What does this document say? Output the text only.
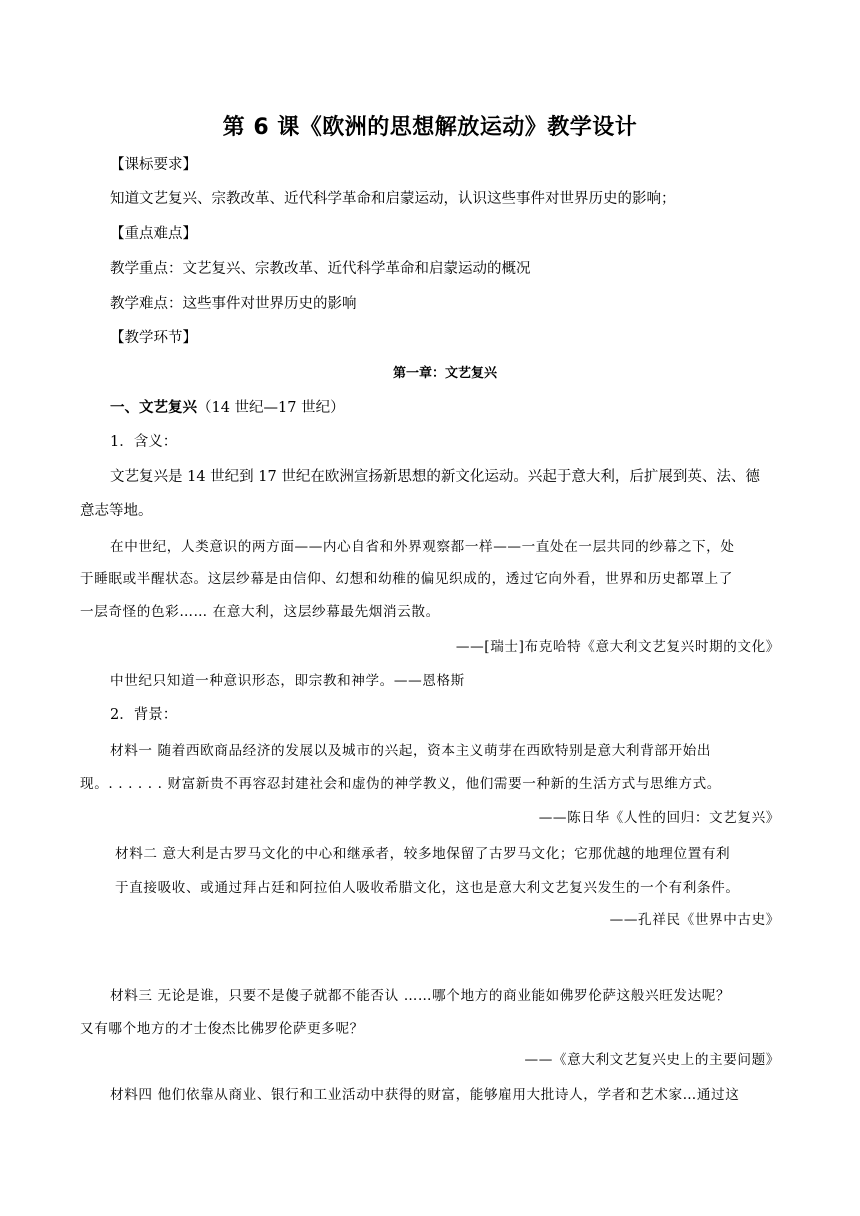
第 6 课《欧洲的思想解放运动》教学设计
【课标要求】
知道文艺复兴、宗教改革、近代科学革命和启蒙运动，认识这些事件对世界历史的影响；
【重点难点】
教学重点：文艺复兴、宗教改革、近代科学革命和启蒙运动的概况
教学难点：这些事件对世界历史的影响
【教学环节】
第一章：文艺复兴
一、文艺复兴（14 世纪—17 世纪）
1．含义：
文艺复兴是 14 世纪到 17 世纪在欧洲宣扬新思想的新文化运动。兴起于意大利，后扩展到英、法、德
意志等地。
在中世纪，人类意识的两方面——内心自省和外界观察都一样——一直处在一层共同的纱幕之下，处
于睡眠或半醒状态。这层纱幕是由信仰、幻想和幼稚的偏见织成的，透过它向外看，世界和历史都罩上了
一层奇怪的色彩…… 在意大利，这层纱幕最先烟消云散。
——[瑞士]布克哈特《意大利文艺复兴时期的文化》
中世纪只知道一种意识形态，即宗教和神学。——恩格斯
2．背景：
材料一 随着西欧商品经济的发展以及城市的兴起，资本主义萌芽在西欧特别是意大利背部开始出
现。. . . . . . 财富新贵不再容忍封建社会和虚伪的神学教义，他们需要一种新的生活方式与思维方式。
——陈日华《人性的回归：文艺复兴》
材料二 意大利是古罗马文化的中心和继承者，较多地保留了古罗马文化；它那优越的地理位置有利
于直接吸收、或通过拜占廷和阿拉伯人吸收希腊文化，这也是意大利文艺复兴发生的一个有利条件。
——孔祥民《世界中古史》
材料三 无论是谁，只要不是傻子就都不能否认 ……哪个地方的商业能如佛罗伦萨这般兴旺发达呢？
又有哪个地方的才士俊杰比佛罗伦萨更多呢？
——《意大利文艺复兴史上的主要问题》
材料四 他们依靠从商业、银行和工业活动中获得的财富，能够雇用大批诗人，学者和艺术家…通过这
